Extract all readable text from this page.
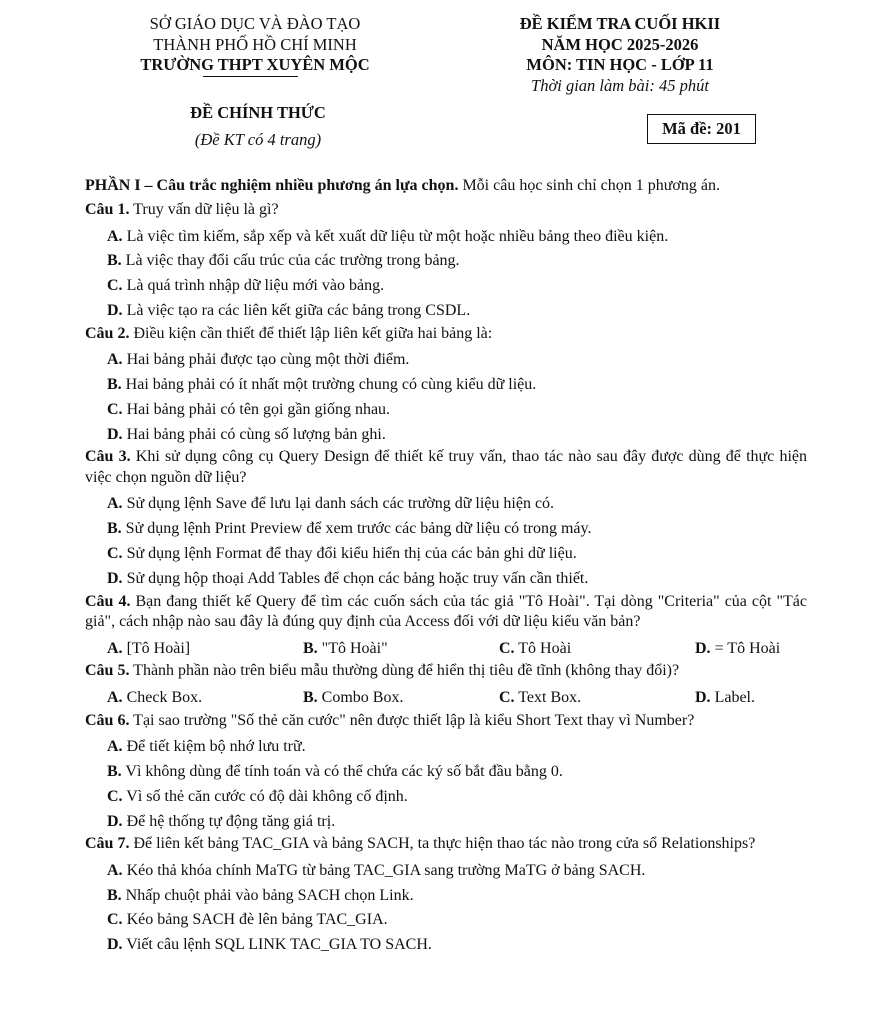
SỞ GIÁO DỤC VÀ ĐÀO TẠO
THÀNH PHỐ HỒ CHÍ MINH
TRƯỜNG THPT XUYÊN MỘC
ĐỀ KIỂM TRA CUỐI HKII
NĂM HỌC 2025-2026
MÔN: TIN HỌC - LỚP 11
Thời gian làm bài: 45 phút
ĐỀ CHÍNH THỨC
(Đề KT có 4 trang)
Mã đề: 201
PHẦN I – Câu trắc nghiệm nhiều phương án lựa chọn. Mỗi câu học sinh chỉ chọn 1 phương án.
Câu 1. Truy vấn dữ liệu là gì?
A. Là việc tìm kiếm, sắp xếp và kết xuất dữ liệu từ một hoặc nhiều bảng theo điều kiện.
B. Là việc thay đổi cấu trúc của các trường trong bảng.
C. Là quá trình nhập dữ liệu mới vào bảng.
D. Là việc tạo ra các liên kết giữa các bảng trong CSDL.
Câu 2. Điều kiện cần thiết để thiết lập liên kết giữa hai bảng là:
A. Hai bảng phải được tạo cùng một thời điểm.
B. Hai bảng phải có ít nhất một trường chung có cùng kiểu dữ liệu.
C. Hai bảng phải có tên gọi gần giống nhau.
D. Hai bảng phải có cùng số lượng bản ghi.
Câu 3. Khi sử dụng công cụ Query Design để thiết kế truy vấn, thao tác nào sau đây được dùng để thực hiện việc chọn nguồn dữ liệu?
A. Sử dụng lệnh Save để lưu lại danh sách các trường dữ liệu hiện có.
B. Sử dụng lệnh Print Preview để xem trước các bảng dữ liệu có trong máy.
C. Sử dụng lệnh Format để thay đổi kiểu hiển thị của các bản ghi dữ liệu.
D. Sử dụng hộp thoại Add Tables để chọn các bảng hoặc truy vấn cần thiết.
Câu 4. Bạn đang thiết kế Query để tìm các cuốn sách của tác giả "Tô Hoài". Tại dòng "Criteria" của cột "Tác giả", cách nhập nào sau đây là đúng quy định của Access đối với dữ liệu kiểu văn bản?
A. [Tô Hoài]	B. "Tô Hoài"	C. Tô Hoài	D. = Tô Hoài
Câu 5. Thành phần nào trên biểu mẫu thường dùng để hiển thị tiêu đề tĩnh (không thay đổi)?
A. Check Box.	B. Combo Box.	C. Text Box.	D. Label.
Câu 6. Tại sao trường "Số thẻ căn cước" nên được thiết lập là kiểu Short Text thay vì Number?
A. Để tiết kiệm bộ nhớ lưu trữ.
B. Vì không dùng để tính toán và có thể chứa các ký số bắt đầu bằng 0.
C. Vì số thẻ căn cước có độ dài không cố định.
D. Để hệ thống tự động tăng giá trị.
Câu 7. Để liên kết bảng TAC_GIA và bảng SACH, ta thực hiện thao tác nào trong cửa sổ Relationships?
A. Kéo thả khóa chính MaTG từ bảng TAC_GIA sang trường MaTG ở bảng SACH.
B. Nhấp chuột phải vào bảng SACH chọn Link.
C. Kéo bảng SACH đè lên bảng TAC_GIA.
D. Viết câu lệnh SQL LINK TAC_GIA TO SACH.
